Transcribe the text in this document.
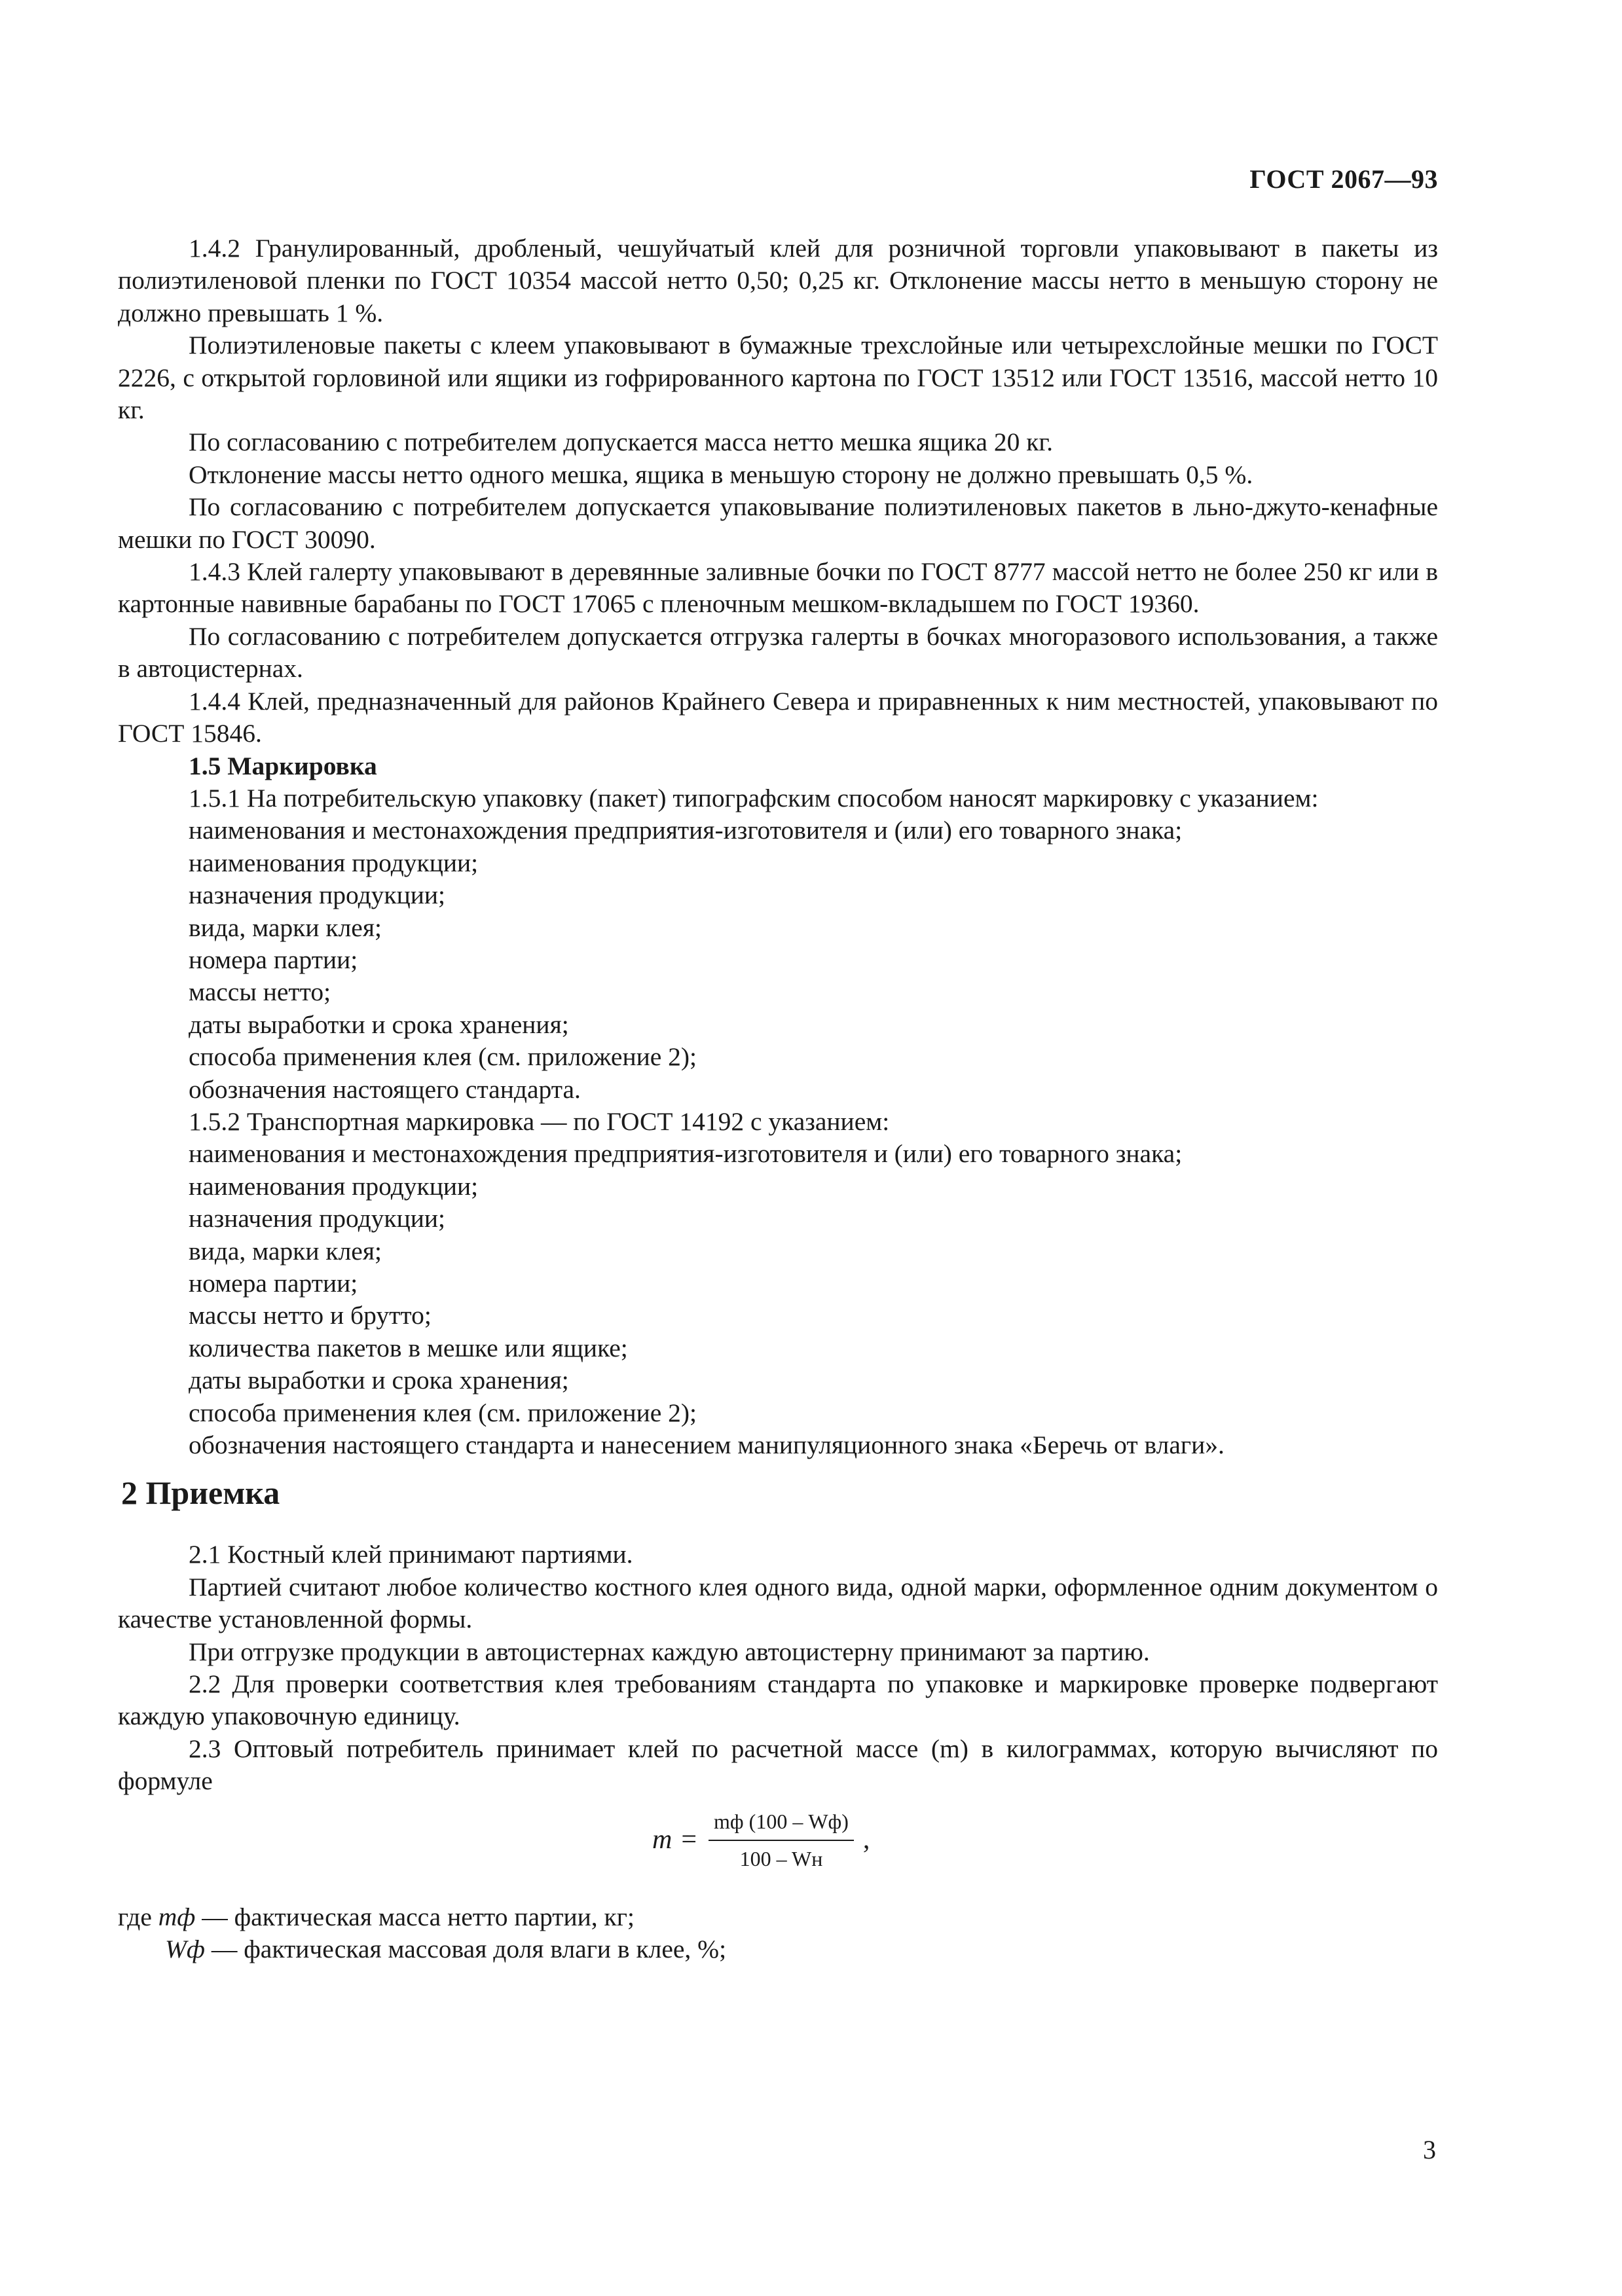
ГОСТ 2067—93

1.4.2 Гранулированный, дробленый, чешуйчатый клей для розничной торговли упаковывают в пакеты из полиэтиленовой пленки по ГОСТ 10354 массой нетто 0,50; 0,25 кг. Отклонение массы нетто в меньшую сторону не должно превышать 1 %.

Полиэтиленовые пакеты с клеем упаковывают в бумажные трехслойные или четырехслойные мешки по ГОСТ 2226, с открытой горловиной или ящики из гофрированного картона по ГОСТ 13512 или ГОСТ 13516, массой нетто 10 кг.

По согласованию с потребителем допускается масса нетто мешка ящика 20 кг.

Отклонение массы нетто одного мешка, ящика в меньшую сторону не должно превышать 0,5 %.

По согласованию с потребителем допускается упаковывание полиэтиленовых пакетов в льно-джуто-кенафные мешки по ГОСТ 30090.

1.4.3 Клей галерту упаковывают в деревянные заливные бочки по ГОСТ 8777 массой нетто не более 250 кг или в картонные навивные барабаны по ГОСТ 17065 с пленочным мешком-вкладышем по ГОСТ 19360.

По согласованию с потребителем допускается отгрузка галерты в бочках многоразового использования, а также в автоцистернах.

1.4.4 Клей, предназначенный для районов Крайнего Севера и приравненных к ним местностей, упаковывают по ГОСТ 15846.

1.5 Маркировка

1.5.1 На потребительскую упаковку (пакет) типографским способом наносят маркировку с указанием:

наименования и местонахождения предприятия-изготовителя и (или) его товарного знака;

наименования продукции;

назначения продукции;

вида, марки клея;

номера партии;

массы нетто;

даты выработки и срока хранения;

способа применения клея (см. приложение 2);

обозначения настоящего стандарта.

1.5.2 Транспортная маркировка — по ГОСТ 14192 с указанием:

наименования и местонахождения предприятия-изготовителя и (или) его товарного знака;

наименования продукции;

назначения продукции;

вида, марки клея;

номера партии;

массы нетто и брутто;

количества пакетов в мешке или ящике;

даты выработки и срока хранения;

способа применения клея (см. приложение 2);

обозначения настоящего стандарта и нанесением манипуляционного знака «Беречь от влаги».

2 Приемка

2.1 Костный клей принимают партиями.

Партией считают любое количество костного клея одного вида, одной марки, оформленное одним документом о качестве установленной формы.

При отгрузке продукции в автоцистернах каждую автоцистерну принимают за партию.

2.2 Для проверки соответствия клея требованиям стандарта по упаковке и маркировке проверке подвергают каждую упаковочную единицу.

2.3 Оптовый потребитель принимает клей по расчетной массе (m) в килограммах, которую вычисляют по формуле

$m = \frac{mф (100 - Wф)}{100 - Wн}$ ,

где mф — фактическая масса нетто партии, кг;

Wф — фактическая массовая доля влаги в клее, %;

3
